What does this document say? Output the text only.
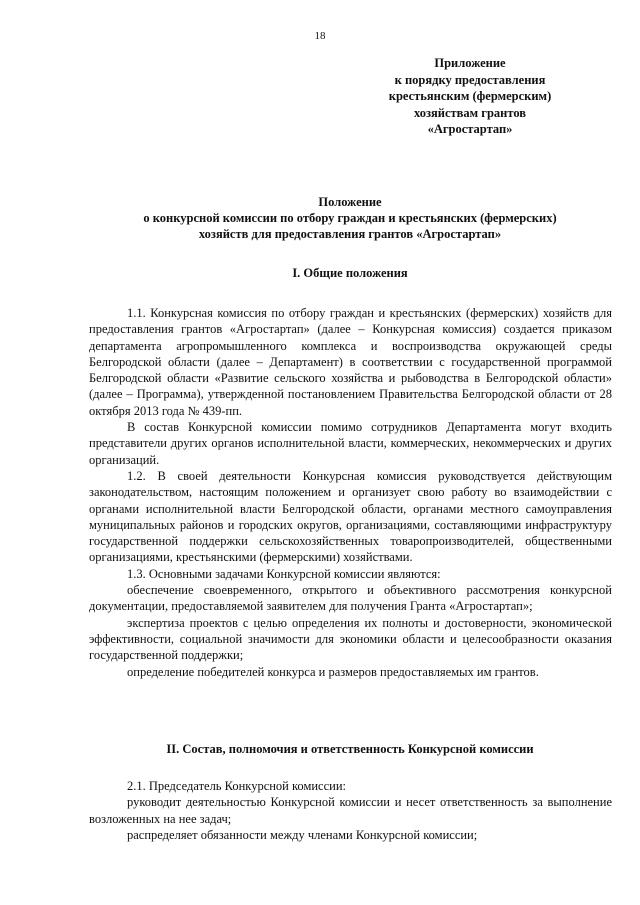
18
Приложение
к порядку предоставления
крестьянским (фермерским)
хозяйствам грантов
«Агростартап»
Положение
о конкурсной комиссии по отбору граждан и крестьянских (фермерских)
хозяйств для предоставления грантов «Агростартап»
I. Общие положения

1.1. Конкурсная комиссия по отбору граждан и крестьянских (фермерских) хозяйств для предоставления грантов «Агростартап» (далее – Конкурсная комиссия) создается приказом департамента агропромышленного комплекса и воспроизводства окружающей среды Белгородской области (далее – Департамент) в соответствии с государственной программой Белгородской области «Развитие сельского хозяйства и рыбоводства в Белгородской области» (далее – Программа), утвержденной постановлением Правительства Белгородской области от 28 октября 2013 года № 439-пп.

В состав Конкурсной комиссии помимо сотрудников Департамента могут входить представители других органов исполнительной власти, коммерческих, некоммерческих и других организаций.

1.2. В своей деятельности Конкурсная комиссия руководствуется действующим законодательством, настоящим положением и организует свою работу во взаимодействии с органами исполнительной власти Белгородской области, органами местного самоуправления муниципальных районов и городских округов, организациями, составляющими инфраструктуру государственной поддержки сельскохозяйственных товаропроизводителей, общественными организациями, крестьянскими (фермерскими) хозяйствами.

1.3. Основными задачами Конкурсной комиссии являются:

обеспечение своевременного, открытого и объективного рассмотрения конкурсной документации, предоставляемой заявителем для получения Гранта «Агростартап»;

экспертиза проектов с целью определения их полноты и достоверности, экономической эффективности, социальной значимости для экономики области и целесообразности оказания государственной поддержки;

определение победителей конкурса и размеров предоставляемых им грантов.

II. Состав, полномочия и ответственность Конкурсной комиссии

2.1. Председатель Конкурсной комиссии:

руководит деятельностью Конкурсной комиссии и несет ответственность за выполнение возложенных на нее задач;

распределяет обязанности между членами Конкурсной комиссии;
